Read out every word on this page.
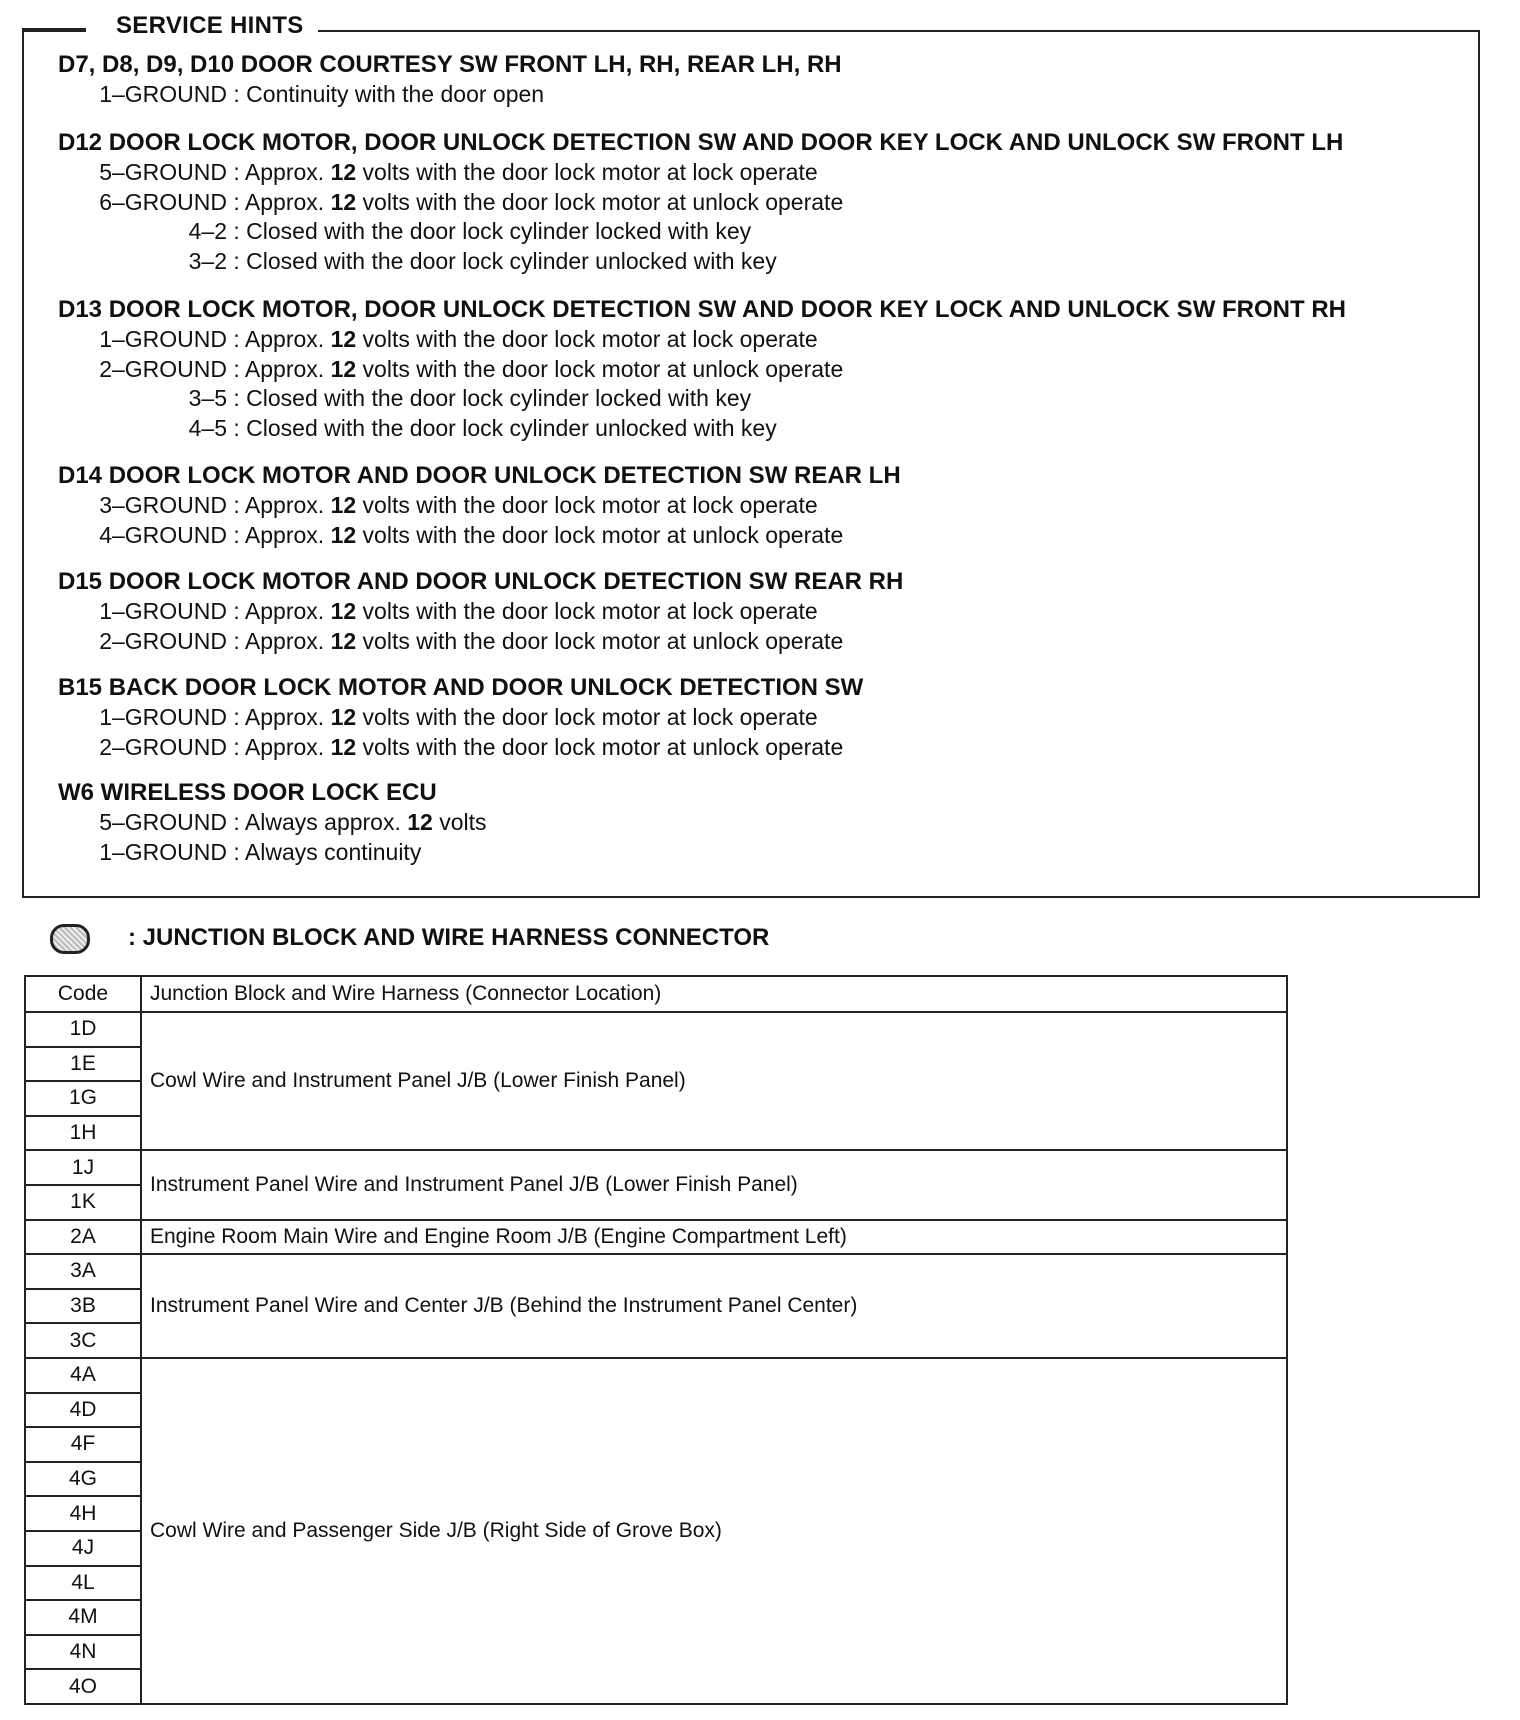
SERVICE HINTS
D7, D8, D9, D10 DOOR COURTESY SW FRONT LH, RH, REAR LH, RH
1–GROUND : Continuity with the door open
D12 DOOR LOCK MOTOR, DOOR UNLOCK DETECTION SW AND DOOR KEY LOCK AND UNLOCK SW FRONT LH
5–GROUND : Approx. 12 volts with the door lock motor at lock operate
6–GROUND : Approx. 12 volts with the door lock motor at unlock operate
4–2 : Closed with the door lock cylinder locked with key
3–2 : Closed with the door lock cylinder unlocked with key
D13 DOOR LOCK MOTOR, DOOR UNLOCK DETECTION SW AND DOOR KEY LOCK AND UNLOCK SW FRONT RH
1–GROUND : Approx. 12 volts with the door lock motor at lock operate
2–GROUND : Approx. 12 volts with the door lock motor at unlock operate
3–5 : Closed with the door lock cylinder locked with key
4–5 : Closed with the door lock cylinder unlocked with key
D14 DOOR LOCK MOTOR AND DOOR UNLOCK DETECTION SW REAR LH
3–GROUND : Approx. 12 volts with the door lock motor at lock operate
4–GROUND : Approx. 12 volts with the door lock motor at unlock operate
D15 DOOR LOCK MOTOR AND DOOR UNLOCK DETECTION SW REAR RH
1–GROUND : Approx. 12 volts with the door lock motor at lock operate
2–GROUND : Approx. 12 volts with the door lock motor at unlock operate
B15 BACK DOOR LOCK MOTOR AND DOOR UNLOCK DETECTION SW
1–GROUND : Approx. 12 volts with the door lock motor at lock operate
2–GROUND : Approx. 12 volts with the door lock motor at unlock operate
W6 WIRELESS DOOR LOCK ECU
5–GROUND : Always approx. 12 volts
1–GROUND : Always continuity
: JUNCTION BLOCK AND WIRE HARNESS CONNECTOR
Code	Junction Block and Wire Harness (Connector Location)
1D	Cowl Wire and Instrument Panel J/B (Lower Finish Panel)
1E	
1G	
1H	
1J	Instrument Panel Wire and Instrument Panel J/B (Lower Finish Panel)
1K	
2A	Engine Room Main Wire and Engine Room J/B (Engine Compartment Left)
3A	Instrument Panel Wire and Center J/B (Behind the Instrument Panel Center)
3B	
3C	
4A	Cowl Wire and Passenger Side J/B (Right Side of Grove Box)
4D	
4F	
4G	
4H	
4J	
4L	
4M	
4N	
4O	
